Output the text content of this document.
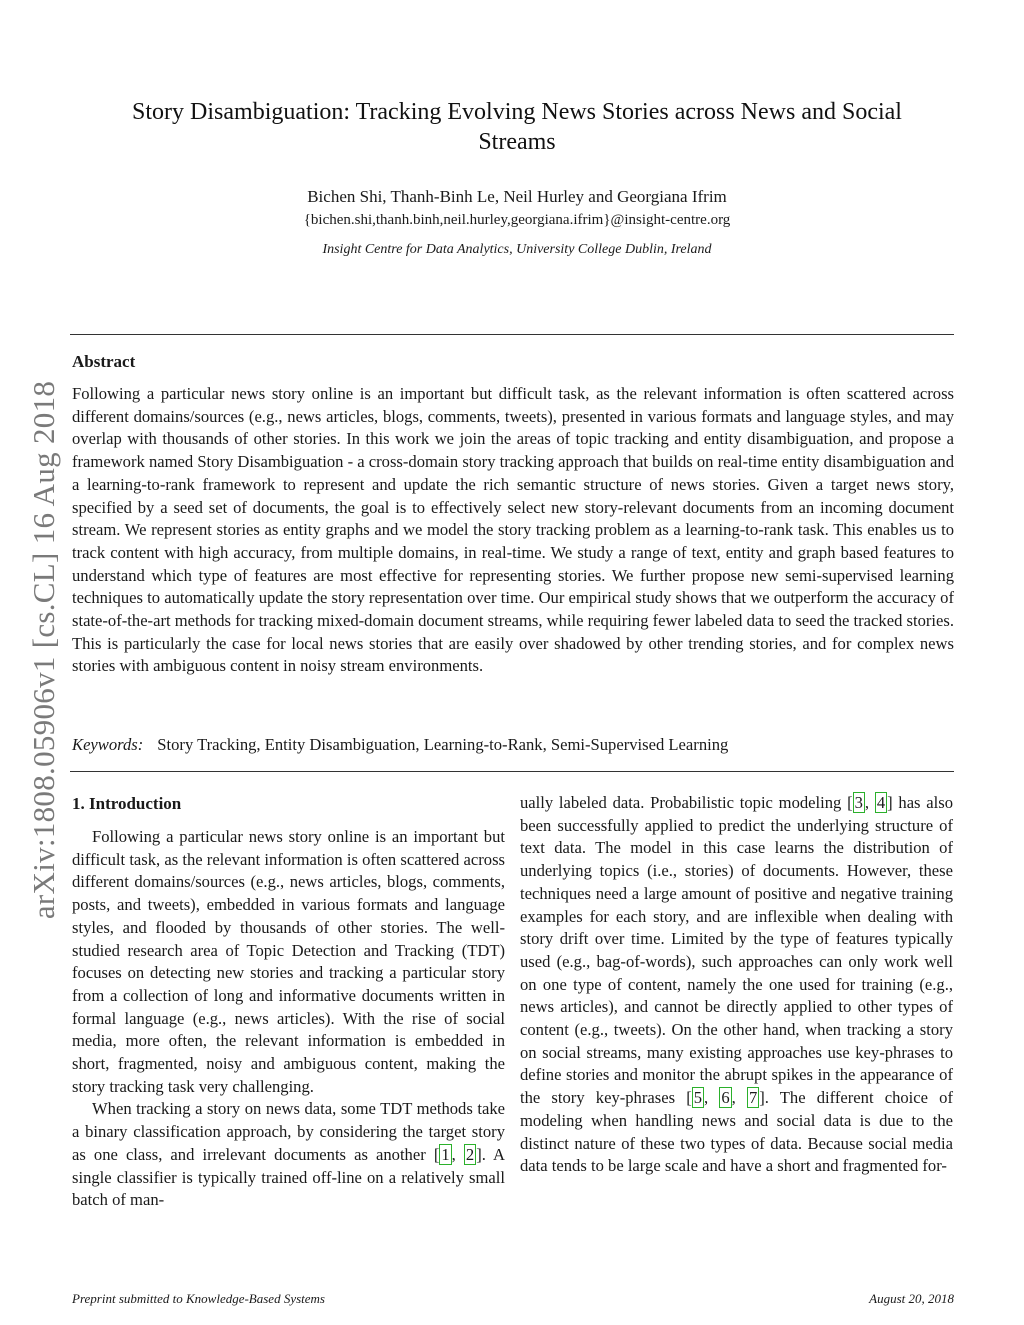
arXiv:1808.05906v1 [cs.CL] 16 Aug 2018
Story Disambiguation: Tracking Evolving News Stories across News and Social
Streams
Bichen Shi, Thanh-Binh Le, Neil Hurley and Georgiana Ifrim
{bichen.shi,thanh.binh,neil.hurley,georgiana.ifrim}@insight-centre.org
Insight Centre for Data Analytics, University College Dublin, Ireland
Abstract

Following a particular news story online is an important but difficult task, as the relevant information is often scattered across different domains/sources (e.g., news articles, blogs, comments, tweets), presented in various formats and language styles, and may overlap with thousands of other stories. In this work we join the areas of topic tracking and entity disambiguation, and propose a framework named Story Disambiguation - a cross-domain story tracking approach that builds on real-time entity disambiguation and a learning-to-rank framework to represent and update the rich semantic structure of news stories. Given a target news story, specified by a seed set of documents, the goal is to effectively select new story-relevant documents from an incoming document stream. We represent stories as entity graphs and we model the story tracking problem as a learning-to-rank task. This enables us to track content with high accuracy, from multiple domains, in real-time. We study a range of text, entity and graph based features to understand which type of features are most effective for representing stories. We further propose new semi-supervised learning techniques to automatically update the story representation over time. Our empirical study shows that we outperform the accuracy of state-of-the-art methods for tracking mixed-domain document streams, while requiring fewer labeled data to seed the tracked stories. This is particularly the case for local news stories that are easily over shadowed by other trending stories, and for complex news stories with ambiguous content in noisy stream environments.

Keywords: Story Tracking, Entity Disambiguation, Learning-to-Rank, Semi-Supervised Learning
1. Introduction

Following a particular news story online is an important but difficult task, as the relevant information is often scattered across different domains/sources (e.g., news articles, blogs, comments, posts, and tweets), embedded in various formats and language styles, and flooded by thousands of other stories. The well-studied research area of Topic Detection and Tracking (TDT) focuses on detecting new stories and tracking a particular story from a collection of long and informative documents written in formal language (e.g., news articles). With the rise of social media, more often, the relevant information is embedded in short, fragmented, noisy and ambiguous content, making the story tracking task very challenging.

When tracking a story on news data, some TDT methods take a binary classification approach, by considering the target story as one class, and irrelevant documents as another [ 1 , 2 ]. A single classifier is typically trained off-line on a relatively small batch of man-

ually labeled data. Probabilistic topic modeling [ 3 , 4 ] has also been successfully applied to predict the underlying structure of text data. The model in this case learns the distribution of underlying topics (i.e., stories) of documents. However, these techniques need a large amount of positive and negative training examples for each story, and are inflexible when dealing with story drift over time. Limited by the type of features typically used (e.g., bag-of-words), such approaches can only work well on one type of content, namely the one used for training (e.g., news articles), and cannot be directly applied to other types of content (e.g., tweets). On the other hand, when tracking a story on social streams, many existing approaches use key-phrases to define stories and monitor the abrupt spikes in the appearance of the story key-phrases [ 5 , 6 , 7 ]. The different choice of modeling when handling news and social data is due to the distinct nature of these two types of data. Because social media data tends to be large scale and have a short and fragmented for-

Preprint submitted to Knowledge-Based Systems	August 20, 2018
